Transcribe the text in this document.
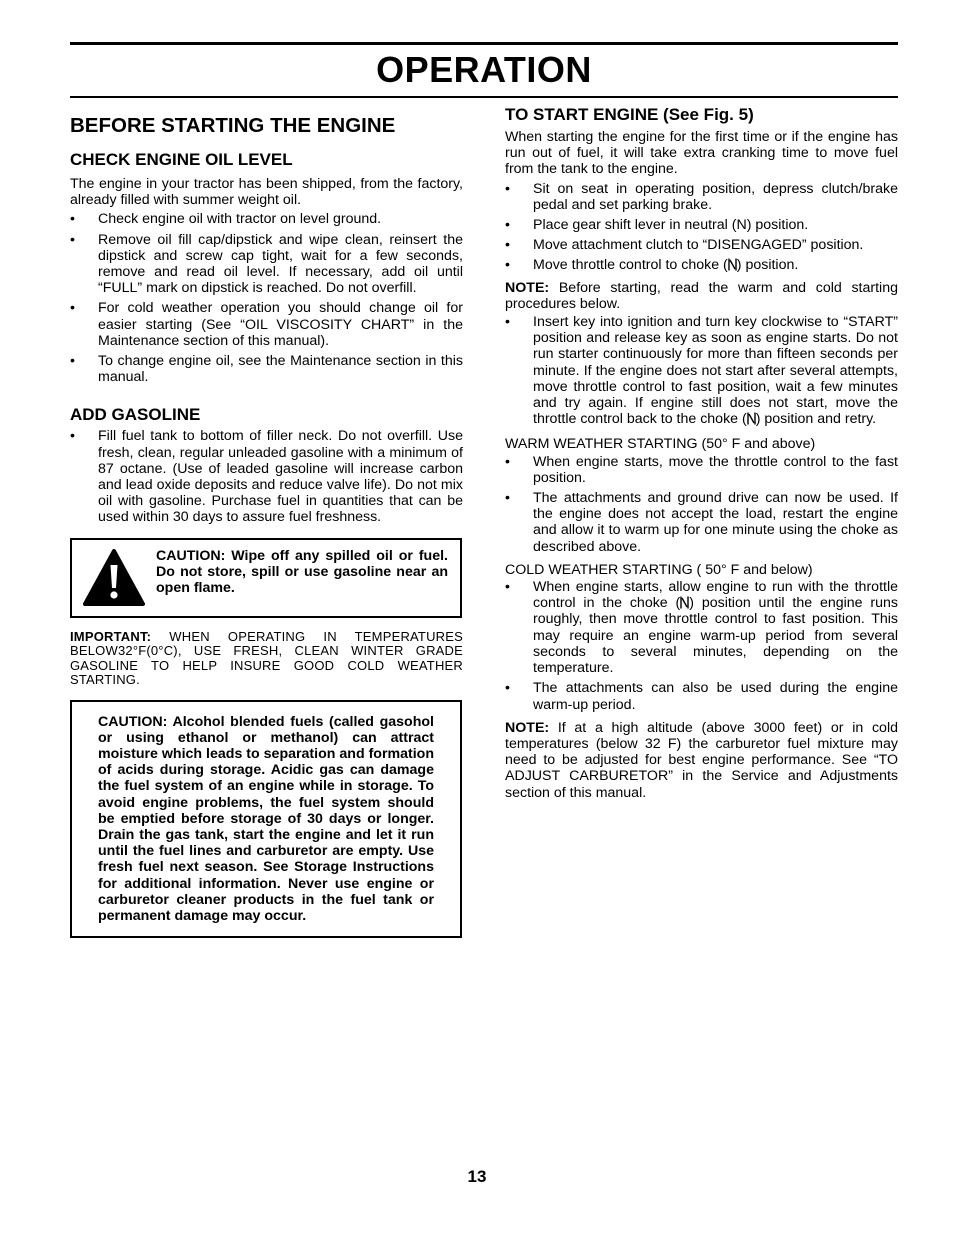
OPERATION
BEFORE STARTING THE ENGINE
CHECK ENGINE OIL LEVEL

The engine in your tractor has been shipped, from the factory, already filled with summer weight oil.

• Check engine oil with tractor on level ground.
• Remove oil fill cap/dipstick and wipe clean, reinsert the dipstick and screw cap tight, wait for a few seconds, remove and read oil level. If necessary, add oil until “FULL” mark on dipstick is reached. Do not overfill.
• For cold weather operation you should change oil for easier starting (See “OIL VISCOSITY CHART” in the Maintenance section of this manual).
• To change engine oil, see the Maintenance section in this manual.
ADD GASOLINE
• Fill fuel tank to bottom of filler neck. Do not overfill. Use fresh, clean, regular unleaded gasoline with a minimum of 87 octane. (Use of leaded gasoline will increase carbon and lead oxide deposits and reduce valve life). Do not mix oil with gasoline. Purchase fuel in quantities that can be used within 30 days to assure fuel freshness.
CAUTION: Wipe off any spilled oil or fuel. Do not store, spill or use gasoline near an open flame.

IMPORTANT: WHEN OPERATING IN TEMPERATURES BELOW32°F(0°C), USE FRESH, CLEAN WINTER GRADE GASOLINE TO HELP INSURE GOOD COLD WEATHER STARTING.

CAUTION: Alcohol blended fuels (called gasohol or using ethanol or methanol) can attract moisture which leads to separation and formation of acids during storage. Acidic gas can damage the fuel system of an engine while in storage. To avoid engine problems, the fuel system should be emptied before storage of 30 days or longer. Drain the gas tank, start the engine and let it run until the fuel lines and carburetor are empty. Use fresh fuel next season. See Storage Instructions for additional information. Never use engine or carburetor cleaner products in the fuel tank or permanent damage may occur.
TO START ENGINE (See Fig. 5)

When starting the engine for the first time or if the engine has run out of fuel, it will take extra cranking time to move fuel from the tank to the engine.

• Sit on seat in operating position, depress clutch/brake pedal and set parking brake.
• Place gear shift lever in neutral (N) position.
• Move attachment clutch to “DISENGAGED” position.
• Move throttle control to choke ( ) position.

NOTE: Before starting, read the warm and cold starting procedures below.

• Insert key into ignition and turn key clockwise to “START” position and release key as soon as engine starts. Do not run starter continuously for more than fifteen seconds per minute. If the engine does not start after several attempts, move throttle control to fast position, wait a few minutes and try again. If engine still does not start, move the throttle control back to the choke ( ) position and retry.

WARM WEATHER STARTING (50° F and above)

• When engine starts, move the throttle control to the fast position.
• The attachments and ground drive can now be used. If the engine does not accept the load, restart the engine and allow it to warm up for one minute using the choke as described above.

COLD WEATHER STARTING ( 50° F and below)

• When engine starts, allow engine to run with the throttle control in the choke ( ) position until the engine runs roughly, then move throttle control to fast position. This may require an engine warm-up period from several seconds to several minutes, depending on the temperature.
• The attachments can also be used during the engine warm-up period.

NOTE: If at a high altitude (above 3000 feet) or in cold temperatures (below 32 F) the carburetor fuel mixture may need to be adjusted for best engine performance. See “TO ADJUST CARBURETOR” in the Service and Adjustments section of this manual.

13
